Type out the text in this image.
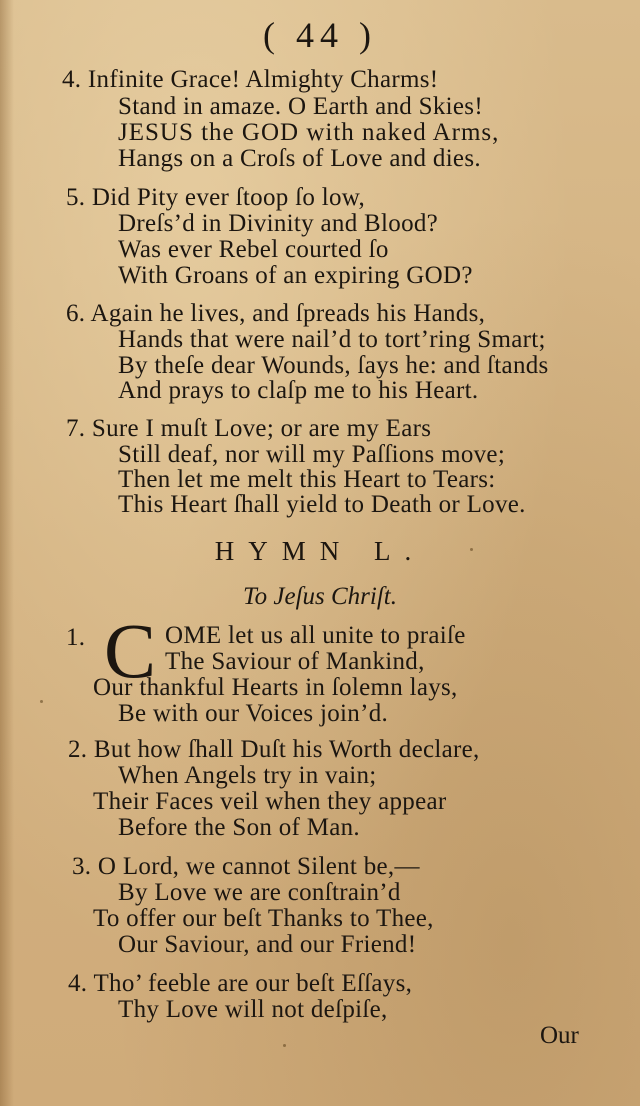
( 44 )
4. Infinite Grace! Almighty Charms!
Stand in amaze. O Earth and Skies!
JESUS the GOD with naked Arms,
Hangs on a Croſs of Love and dies.
5. Did Pity ever ſtoop ſo low,
Dreſs’d in Divinity and Blood?
Was ever Rebel courted ſo
With Groans of an expiring GOD?
6. Again he lives, and ſpreads his Hands,
Hands that were nail’d to tort’ring Smart;
By theſe dear Wounds, ſays he: and ſtands
And prays to claſp me to his Heart.
7. Sure I muſt Love; or are my Ears
Still deaf, nor will my Paſſions move;
Then let me melt this Heart to Tears:
This Heart ſhall yield to Death or Love.
HYMN L.
To Jeſus Chriſt.
1. C OME let us all unite to praiſe
The Saviour of Mankind,
Our thankful Hearts in ſolemn lays,
Be with our Voices join’d.
2. But how ſhall Duſt his Worth declare,
When Angels try in vain;
Their Faces veil when they appear
Before the Son of Man.
3. O Lord, we cannot Silent be,—
By Love we are conſtrain’d
To offer our beſt Thanks to Thee,
Our Saviour, and our Friend!
4. Tho’ feeble are our beſt Eſſays,
Thy Love will not deſpiſe,
Our
